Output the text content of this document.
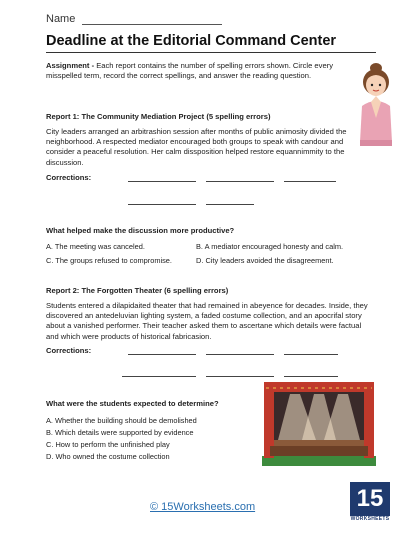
Name
Deadline at the Editorial Command Center
Assignment - Each report contains the number of spelling errors shown. Circle every misspelled term, record the correct spellings, and answer the reading question.
Report 1: The Community Mediation Project (5 spelling errors)
City leaders arranged an arbitrashion session after months of public animosity divided the neighborhood. A respected mediator encouraged both groups to speak with candour and consider a peaceful resolution. Her calm dissposition helped restore equannimmity to the discussion.
Corrections:
What helped make the discussion more productive?
A. The meeting was canceled.	B. A mediator encouraged honesty and calm.
C. The groups refused to compromise.	D. City leaders avoided the disagreement.
Report 2: The Forgotten Theater (6 spelling errors)
Students entered a dilapidaited theater that had remained in abeyence for decades. Inside, they discovered an antedeluvian lighting system, a faded costume collection, and an apocrifal story about a vanished performer. Their teacher asked them to ascertane which details were factual and which were products of historical fabricasion.
Corrections:
What were the students expected to determine?
A. Whether the building should be demolished
B. Which details were supported by evidence
C. How to perform the unfinished play
D. Who owned the costume collection
© 15Worksheets.com	15
WORKSHEETS
